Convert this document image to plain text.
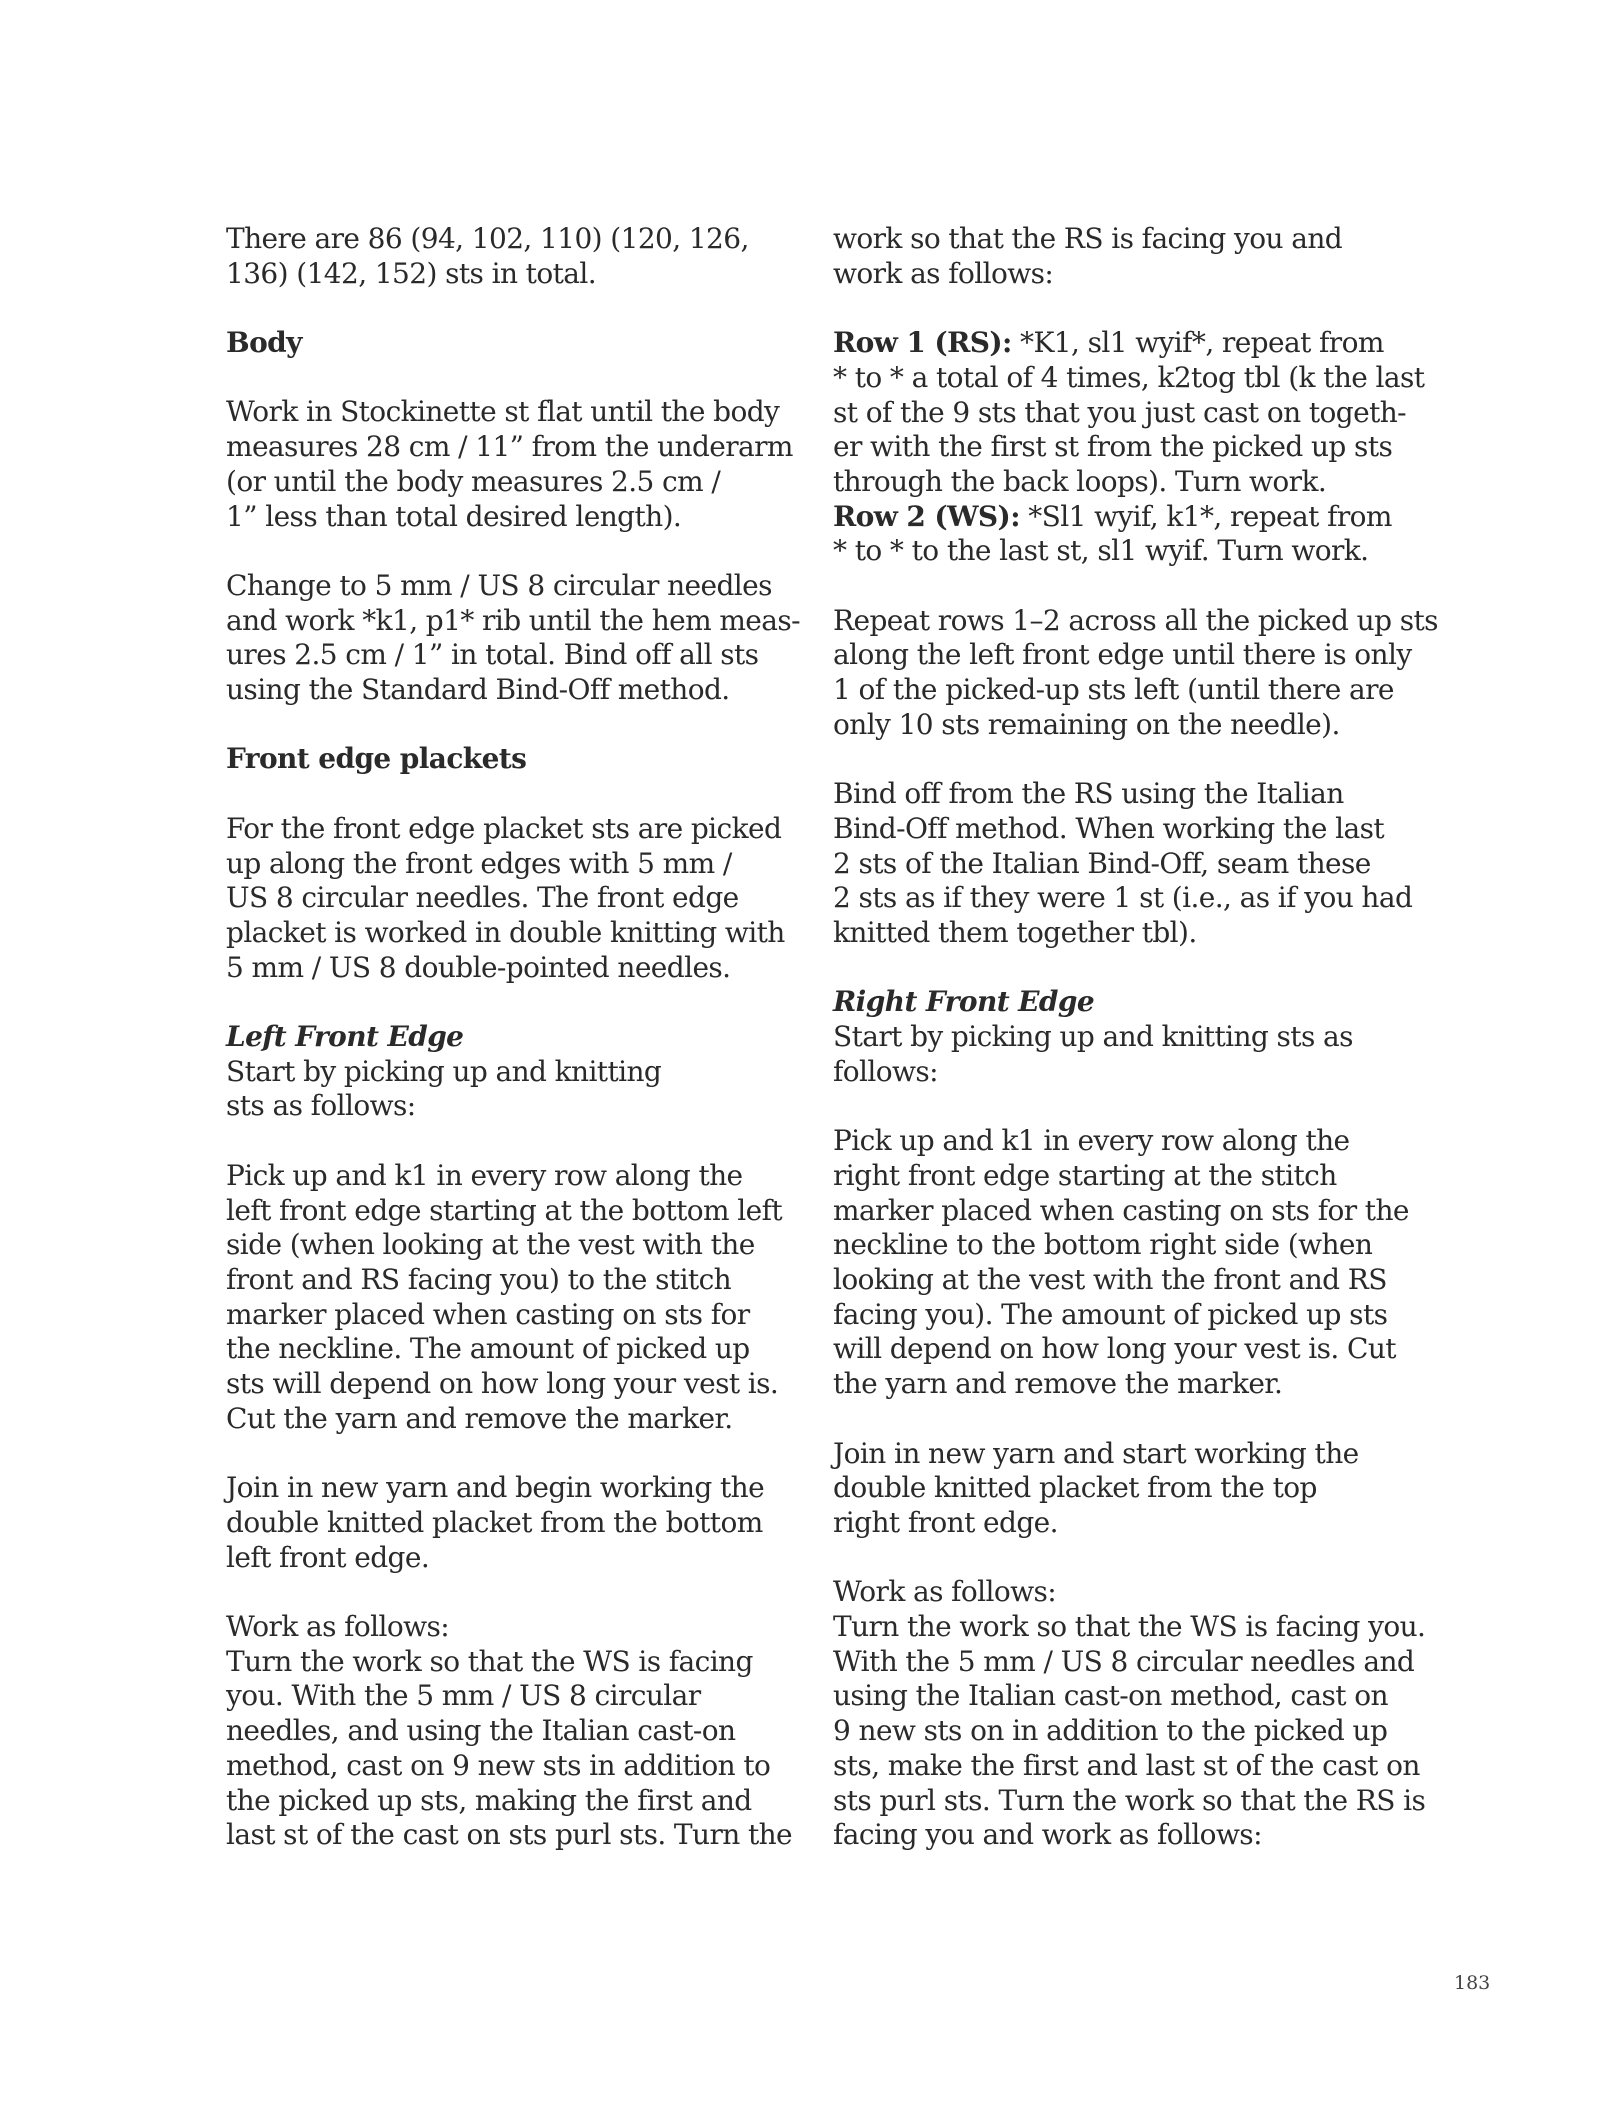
There are 86 (94, 102, 110) (120, 126,
136) (142, 152) sts in total.

Body

Work in Stockinette st flat until the body
measures 28 cm / 11” from the underarm
(or until the body measures 2.5 cm /
1” less than total desired length).

Change to 5 mm / US 8 circular needles
and work *k1, p1* rib until the hem meas-
ures 2.5 cm / 1” in total. Bind off all sts
using the Standard Bind-Off method.

Front edge plackets

For the front edge placket sts are picked
up along the front edges with 5 mm /
US 8 circular needles. The front edge
placket is worked in double knitting with
5 mm / US 8 double-pointed needles.

Left Front Edge
Start by picking up and knitting
sts as follows:

Pick up and k1 in every row along the
left front edge starting at the bottom left
side (when looking at the vest with the
front and RS facing you) to the stitch
marker placed when casting on sts for
the neckline. The amount of picked up
sts will depend on how long your vest is.
Cut the yarn and remove the marker.

Join in new yarn and begin working the
double knitted placket from the bottom
left front edge.

Work as follows:
Turn the work so that the WS is facing
you. With the 5 mm / US 8 circular
needles, and using the Italian cast-on
method, cast on 9 new sts in addition to
the picked up sts, making the first and
last st of the cast on sts purl sts. Turn the

work so that the RS is facing you and
work as follows:

Row 1 (RS): *K1, sl1 wyif*, repeat from
* to * a total of 4 times, k2tog tbl (k the last
st of the 9 sts that you just cast on togeth-
er with the first st from the picked up sts
through the back loops). Turn work.
Row 2 (WS): *Sl1 wyif, k1*, repeat from
* to * to the last st, sl1 wyif. Turn work.

Repeat rows 1–2 across all the picked up sts
along the left front edge until there is only
1 of the picked-up sts left (until there are
only 10 sts remaining on the needle).

Bind off from the RS using the Italian
Bind-Off method. When working the last
2 sts of the Italian Bind-Off, seam these
2 sts as if they were 1 st (i.e., as if you had
knitted them together tbl).

Right Front Edge
Start by picking up and knitting sts as
follows:

Pick up and k1 in every row along the
right front edge starting at the stitch
marker placed when casting on sts for the
neckline to the bottom right side (when
looking at the vest with the front and RS
facing you). The amount of picked up sts
will depend on how long your vest is. Cut
the yarn and remove the marker.

Join in new yarn and start working the
double knitted placket from the top
right front edge.

Work as follows:
Turn the work so that the WS is facing you.
With the 5 mm / US 8 circular needles and
using the Italian cast-on method, cast on
9 new sts on in addition to the picked up
sts, make the first and last st of the cast on
sts purl sts. Turn the work so that the RS is
facing you and work as follows:

183
